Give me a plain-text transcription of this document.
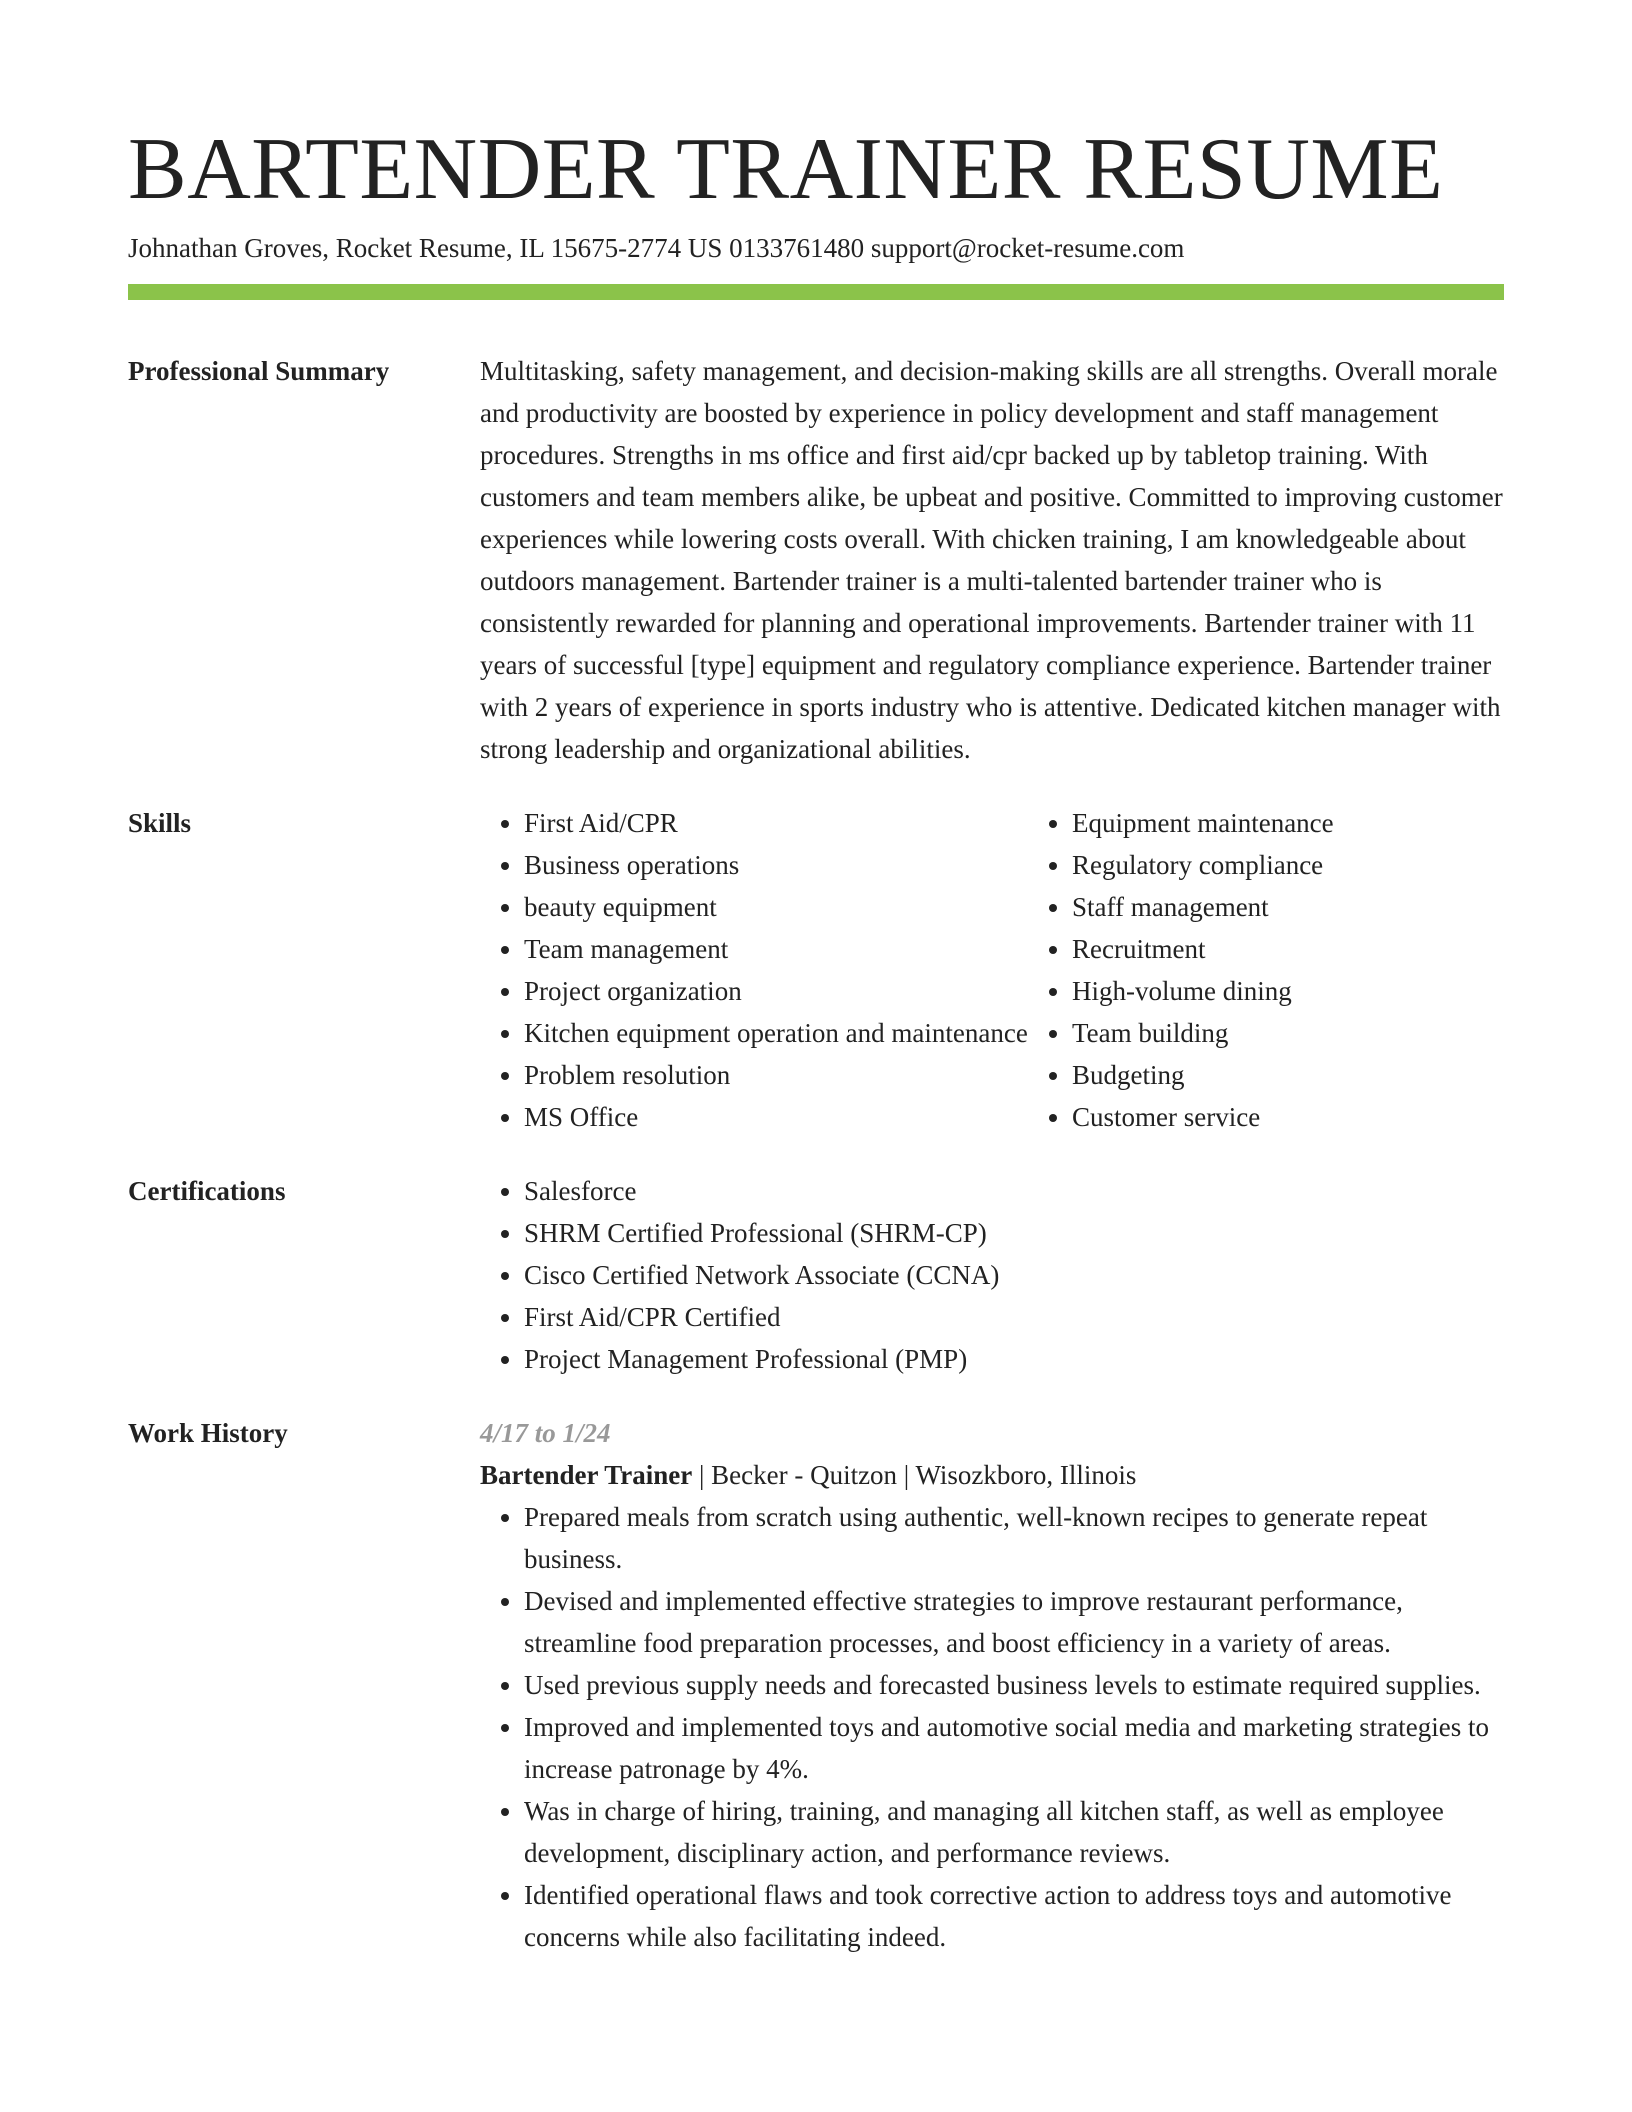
BARTENDER TRAINER RESUME
Johnathan Groves, Rocket Resume, IL 15675-2774 US 0133761480 support@rocket-resume.com
Professional Summary	Multitasking, safety management, and decision-making skills are all strengths. Overall morale and productivity are boosted by experience in policy development and staff management procedures. Strengths in ms office and first aid/cpr backed up by tabletop training. With customers and team members alike, be upbeat and positive. Committed to improving customer experiences while lowering costs overall. With chicken training, I am knowledgeable about outdoors management. Bartender trainer is a multi-talented bartender trainer who is consistently rewarded for planning and operational improvements. Bartender trainer with 11 years of successful [type] equipment and regulatory compliance experience. Bartender trainer with 2 years of experience in sports industry who is attentive. Dedicated kitchen manager with strong leadership and organizational abilities.

Skills	• First Aid/CPR
• Business operations
• beauty equipment
• Team management
• Project organization
• Kitchen equipment operation and maintenance
• Problem resolution
• MS Office
• Equipment maintenance
• Regulatory compliance
• Staff management
• Recruitment
• High-volume dining
• Team building
• Budgeting
• Customer service
Certifications	• Salesforce
• SHRM Certified Professional (SHRM-CP)
• Cisco Certified Network Associate (CCNA)
• First Aid/CPR Certified
• Project Management Professional (PMP)
Work History	4/17 to 1/24
Bartender Trainer | Becker - Quitzon | Wisozkboro, Illinois
• Prepared meals from scratch using authentic, well-known recipes to generate repeat business.
• Devised and implemented effective strategies to improve restaurant performance, streamline food preparation processes, and boost efficiency in a variety of areas.
• Used previous supply needs and forecasted business levels to estimate required supplies.
• Improved and implemented toys and automotive social media and marketing strategies to increase patronage by 4%.
• Was in charge of hiring, training, and managing all kitchen staff, as well as employee development, disciplinary action, and performance reviews.
• Identified operational flaws and took corrective action to address toys and automotive concerns while also facilitating indeed.
